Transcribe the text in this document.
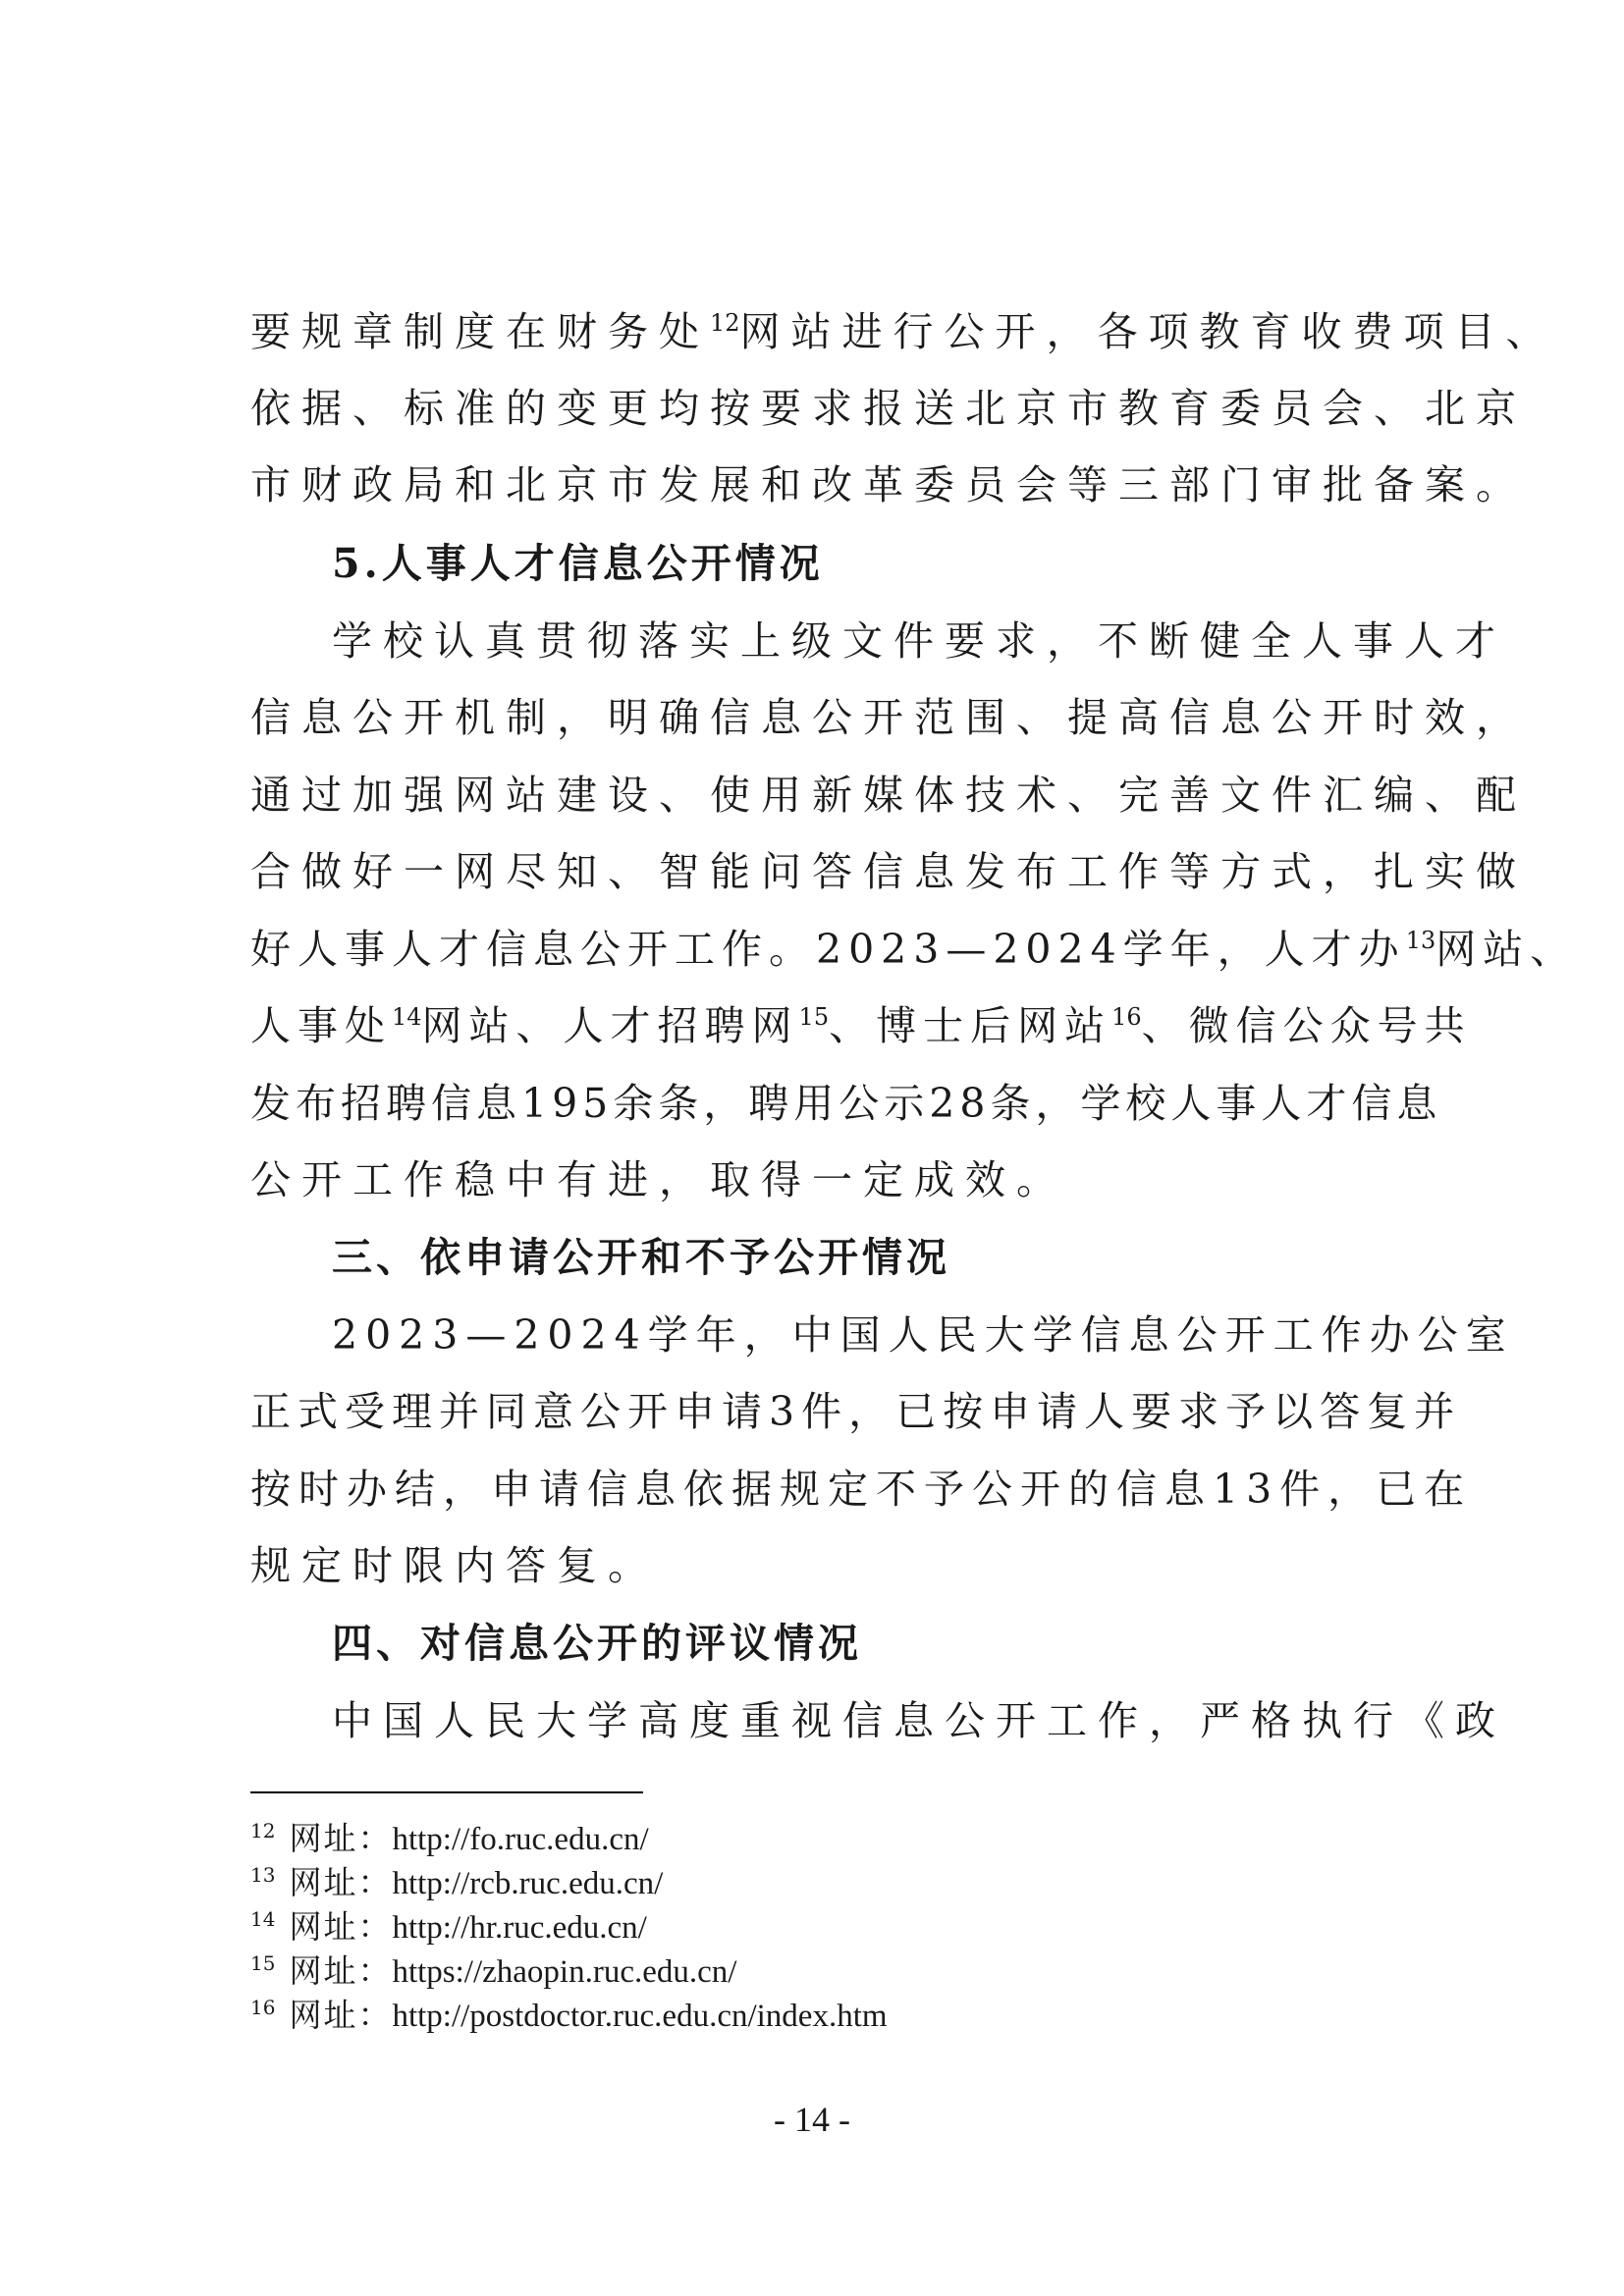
要规章制度在财务处$^{12}$网站进行公开，各项教育收费项目、
依据、标准的变更均按要求报送北京市教育委员会、北京
市财政局和北京市发展和改革委员会等三部门审批备案。
5.人事人才信息公开情况
学校认真贯彻落实上级文件要求，不断健全人事人才
信息公开机制，明确信息公开范围、提高信息公开时效，
通过加强网站建设、使用新媒体技术、完善文件汇编、配
合做好一网尽知、智能问答信息发布工作等方式，扎实做
好人事人才信息公开工作。2023—2024学年，人才办$^{13}$网站、
人事处$^{14}$网站、人才招聘网$^{15}$、博士后网站$^{16}$、微信公众号共
发布招聘信息195余条，聘用公示28条，学校人事人才信息
公开工作稳中有进，取得一定成效。
三、依申请公开和不予公开情况
2023—2024学年，中国人民大学信息公开工作办公室
正式受理并同意公开申请3件，已按申请人要求予以答复并
按时办结，申请信息依据规定不予公开的信息13件，已在
规定时限内答复。
四、对信息公开的评议情况
中国人民大学高度重视信息公开工作，严格执行《政
$^{12}$ 网址：http://fo.ruc.edu.cn/
$^{13}$ 网址：http://rcb.ruc.edu.cn/
$^{14}$ 网址：http://hr.ruc.edu.cn/
$^{15}$ 网址：https://zhaopin.ruc.edu.cn/
$^{16}$ 网址：http://postdoctor.ruc.edu.cn/index.htm
- 14 -
